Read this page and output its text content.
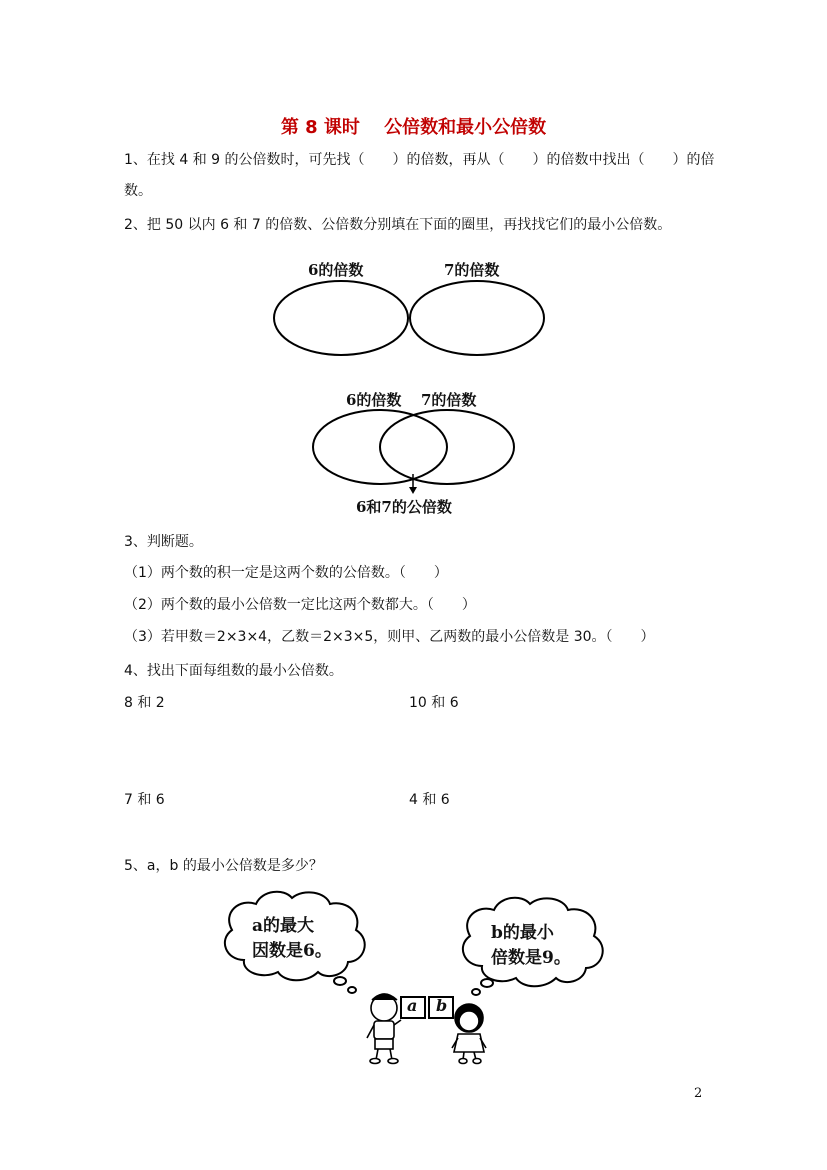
第 8 课时　 公倍数和最小公倍数
1、在找 4 和 9 的公倍数时，可先找（　　）的倍数，再从（　　）的倍数中找出（　　）的倍
数。
2、把 50 以内 6 和 7 的倍数、公倍数分别填在下面的圈里，再找找它们的最小公倍数。
6的倍数	7的倍数
6的倍数 7的倍数
6和7的公倍数
3、判断题。
（1）两个数的积一定是这两个数的公倍数。（　　）
（2）两个数的最小公倍数一定比这两个数都大。（　　）
（3）若甲数＝2×3×4，乙数＝2×3×5，则甲、乙两数的最小公倍数是 30。（　　）
4、找出下面每组数的最小公倍数。
8 和 2	10 和 6
7 和 6	4 和 6
5、a，b 的最小公倍数是多少？
a的最大
因数是6。
b的最小
倍数是9。
a b
2
